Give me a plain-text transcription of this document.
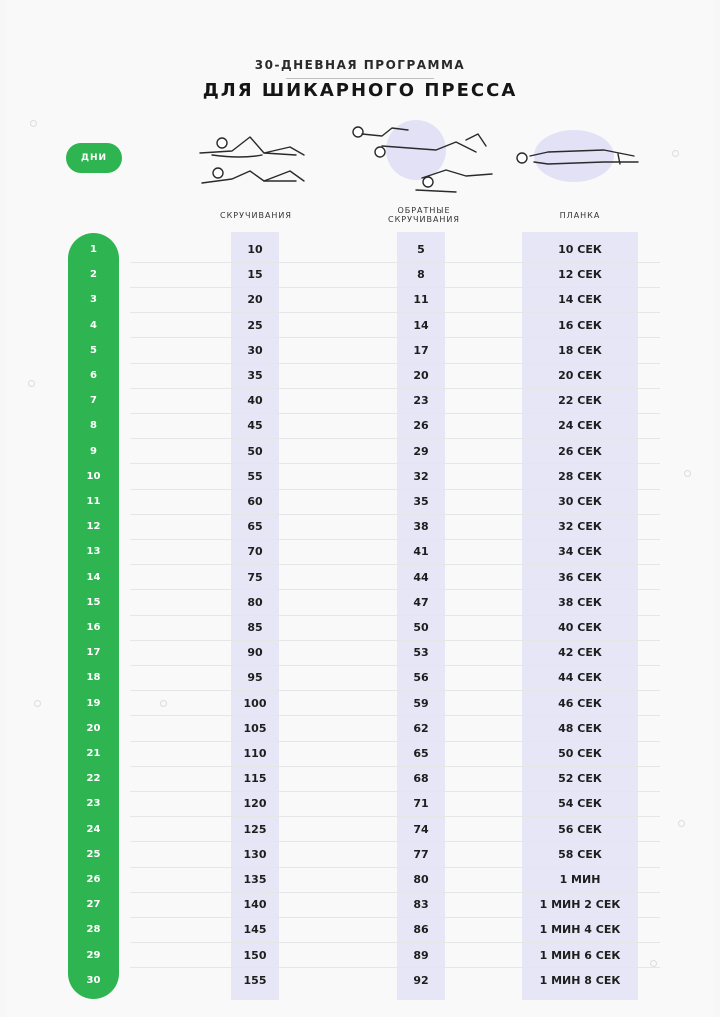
30-ДНЕВНАЯ ПРОГРАММА
ДЛЯ ШИКАРНОГО ПРЕССА
ДНИ
СКРУЧИВАНИЯ
ОБРАТНЫЕ
СКРУЧИВАНИЯ	ПЛАНКА
1	10	5	10 СЕК
2	15	8	12 СЕК
3	20	11	14 СЕК
4	25	14	16 СЕК
5	30	17	18 СЕК
6	35	20	20 СЕК
7	40	23	22 СЕК
8	45	26	24 СЕК
9	50	29	26 СЕК
10	55	32	28 СЕК
11	60	35	30 СЕК
12	65	38	32 СЕК
13	70	41	34 СЕК
14	75	44	36 СЕК
15	80	47	38 СЕК
16	85	50	40 СЕК
17	90	53	42 СЕК
18	95	56	44 СЕК
19	100	59	46 СЕК
20	105	62	48 СЕК
21	110	65	50 СЕК
22	115	68	52 СЕК
23	120	71	54 СЕК
24	125	74	56 СЕК
25	130	77	58 СЕК
26	135	80	1 МИН
27	140	83	1 МИН 2 СЕК
28	145	86	1 МИН 4 СЕК
29	150	89	1 МИН 6 СЕК
30	155	92	1 МИН 8 СЕК
